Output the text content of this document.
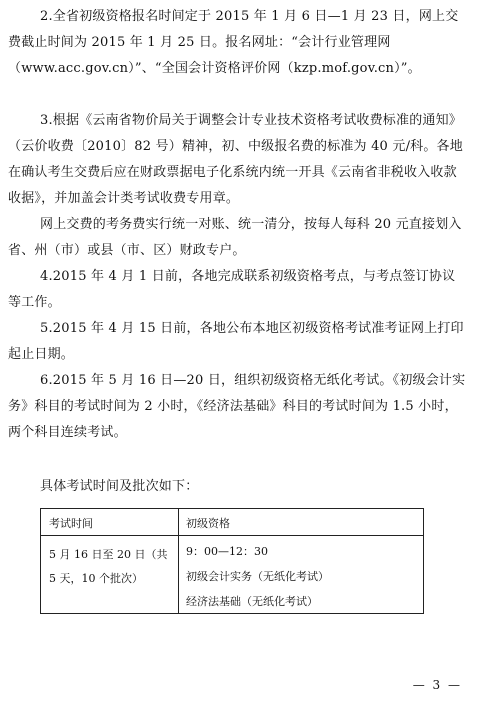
2.全省初级资格报名时间定于 2015 年 1 月 6 日—1 月 23 日，网上交费截止时间为 2015 年 1 月 25 日。报名网址：“会计行业管理网（www.acc.gov.cn）”、“全国会计资格评价网（kzp.mof.gov.cn）”。

3.根据《云南省物价局关于调整会计专业技术资格考试收费标准的通知》（云价收费〔2010〕82 号）精神，初、中级报名费的标准为 40 元/科。各地在确认考生交费后应在财政票据电子化系统内统一开具《云南省非税收入收款收据》，并加盖会计类考试收费专用章。

网上交费的考务费实行统一对账、统一清分，按每人每科 20 元直接划入省、州（市）或县（市、区）财政专户。

4.2015 年 4 月 1 日前，各地完成联系初级资格考点，与考点签订协议等工作。

5.2015 年 4 月 15 日前，各地公布本地区初级资格考试准考证网上打印起止日期。

6.2015 年 5 月 16 日—20 日，组织初级资格无纸化考试。《初级会计实务》科目的考试时间为 2 小时，《经济法基础》科目的考试时间为 1.5 小时，两个科目连续考试。

具体考试时间及批次如下：

考试时间	初级资格
5 月 16 日至 20 日（共 5 天，10 个批次）
9：00—12：30
初级会计实务（无纸化考试）
经济法基础（无纸化考试）
— 3 —
